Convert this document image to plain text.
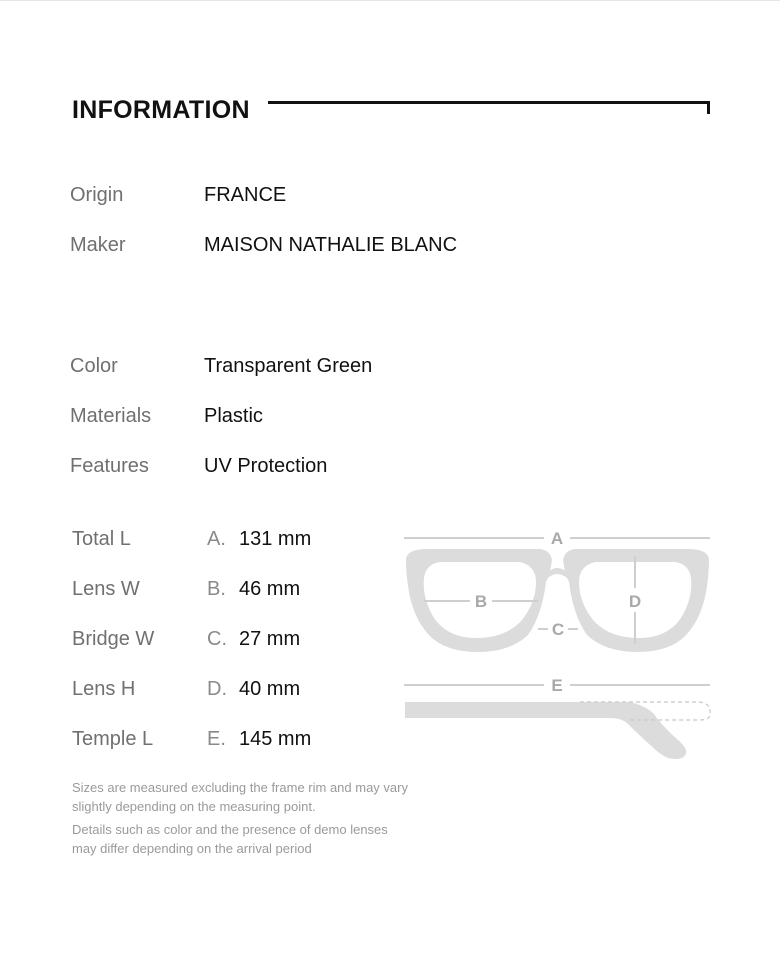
INFORMATION
Origin	FRANCE
Maker	MAISON NATHALIE BLANC
Color	Transparent Green
Materials	Plastic
Features	UV Protection
Total L	A. 131 mm
Lens W	B. 46 mm
Bridge W	C. 27 mm
Lens H	D. 40 mm
Temple L	E. 145 mm
A
B
C
D
E

Sizes are measured excluding the frame rim and may vary slightly depending on the measuring point.

Details such as color and the presence of demo lenses may differ depending on the arrival period
